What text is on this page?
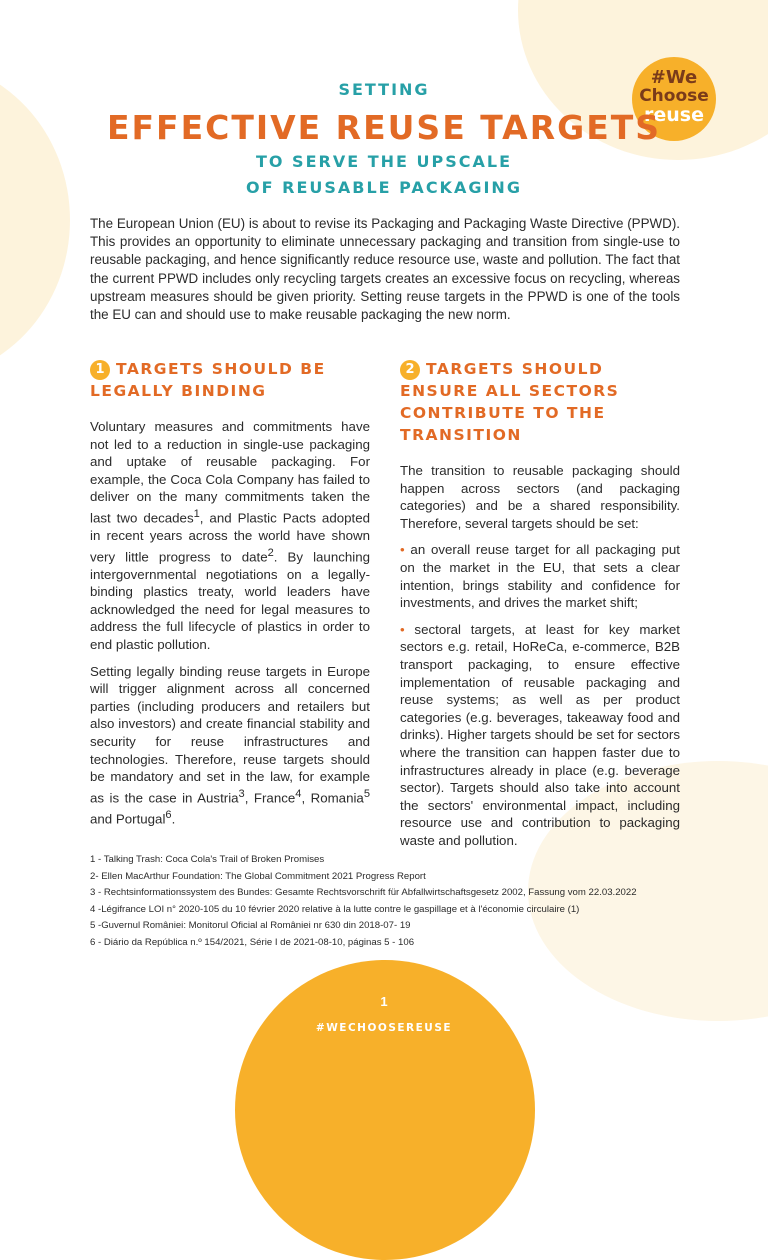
#We
Choose
reuse
SETTING
EFFECTIVE REUSE TARGETS
TO SERVE THE UPSCALE
OF REUSABLE PACKAGING

The European Union (EU) is about to revise its Packaging and Packaging Waste Directive (PPWD). This provides an opportunity to eliminate unnecessary packaging and transition from single-use to reusable packaging, and hence significantly reduce resource use, waste and pollution. The fact that the current PPWD includes only recycling targets creates an excessive focus on recycling, whereas upstream measures should be given priority. Setting reuse targets in the PPWD is one of the tools the EU can and should use to make reusable packaging the new norm.

1 TARGETS SHOULD BE LEGALLY BINDING

Voluntary measures and commitments have not led to a reduction in single-use packaging and uptake of reusable packaging. For example, the Coca Cola Company has failed to deliver on the many commitments taken the last two decades$^1$, and Plastic Pacts adopted in recent years across the world have shown very little progress to date$^2$. By launching intergovernmental negotiations on a legally-binding plastics treaty, world leaders have acknowledged the need for legal measures to address the full lifecycle of plastics in order to end plastic pollution.

Setting legally binding reuse targets in Europe will trigger alignment across all concerned parties (including producers and retailers but also investors) and create financial stability and security for reuse infrastructures and technologies. Therefore, reuse targets should be mandatory and set in the law, for example as is the case in Austria$^3$, France$^4$, Romania$^5$ and Portugal$^6$.

2 TARGETS SHOULD ENSURE ALL SECTORS CONTRIBUTE TO THE TRANSITION

The transition to reusable packaging should happen across sectors (and packaging categories) and be a shared responsibility. Therefore, several targets should be set:

• an overall reuse target for all packaging put on the market in the EU, that sets a clear intention, brings stability and confidence for investments, and drives the market shift;

• sectoral targets, at least for key market sectors e.g. retail, HoReCa, e-commerce, B2B transport packaging, to ensure effective implementation of reusable packaging and reuse systems; as well as per product categories (e.g. beverages, takeaway food and drinks). Higher targets should be set for sectors where the transition can happen faster due to infrastructures already in place (e.g. beverage sector). Targets should also take into account the sectors' environmental impact, including resource use and contribution to packaging waste and pollution.

1 - Talking Trash: Coca Cola's Trail of Broken Promises
2- Ellen MacArthur Foundation: The Global Commitment 2021 Progress Report
3 - Rechtsinformationssystem des Bundes: Gesamte Rechtsvorschrift für Abfallwirtschaftsgesetz 2002, Fassung vom 22.03.2022
4 -Légifrance LOI n° 2020-105 du 10 février 2020 relative à la lutte contre le gaspillage et à l'économie circulaire (1)
5 -Guvernul României: Monitorul Oficial al României nr 630 din 2018-07- 19
6 - Diário da República n.º 154/2021, Série I de 2021-08-10, páginas 5 - 106
1
#WECHOOSEREUSE
